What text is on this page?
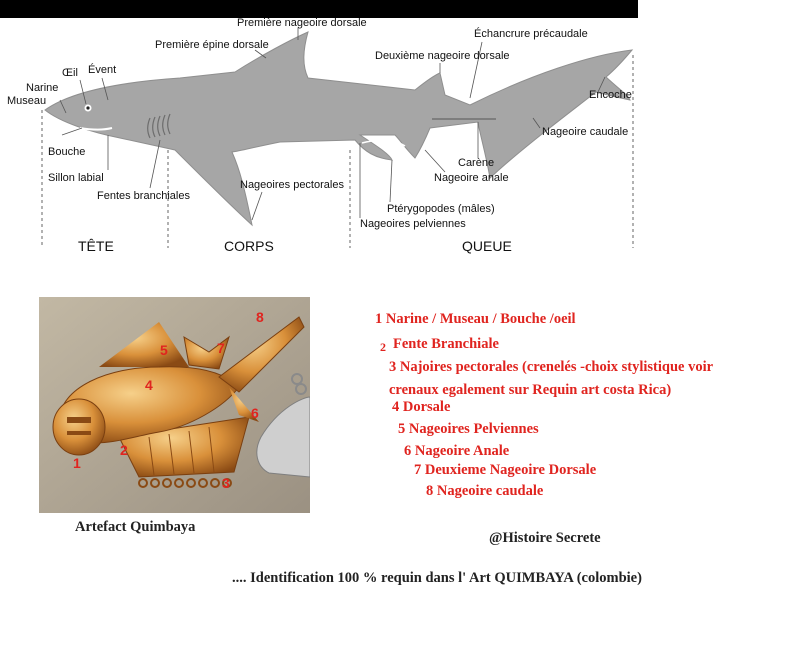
Première nageoire dorsale
Première épine dorsale
Œil Évent
Narine
Museau
Bouche
Sillon labial
Fentes branchiales
Nageoires pectorales
Échancrure précaudale
Deuxième nageoire dorsale
Encoche
Nageoire caudale
Carène
Nageoire anale
Ptérygopodes (mâles)
Nageoires pelviennes
TÊTE	CORPS	QUEUE
1
2
3
4
5
6
7
8
Artefact Quimbaya
1 Narine / Museau / Bouche /oeil
2 Fente Branchiale
3 Najoires pectorales (crenelés -choix stylistique voir
crenaux egalement sur Requin art costa Rica)
4 Dorsale
5 Nageoires Pelviennes
6 Nageoire Anale
7 Deuxieme Nageoire Dorsale
8 Nageoire caudale
@Histoire Secrete
.... Identification 100 % requin dans l' Art QUIMBAYA (colombie)
